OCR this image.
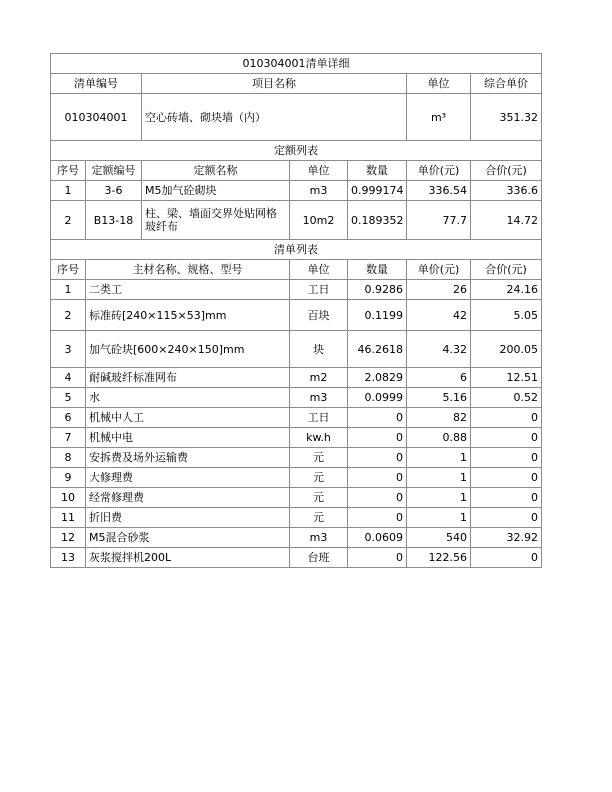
010304001清单详细						
清单编号		项目名称			单位	综合单价
010304001		空心砖墙、砌块墙（内）			m³	351.32
定额列表						
序号	定额编号	定额名称	单位	数量	单价(元)	合价(元)
1	3-6	M5加气砼砌块	m3	0.999174	336.54	336.6
2	B13-18	柱、梁、墙面交界处贴网格玻纤布	10m2	0.189352	77.7	14.72
清单列表						
序号	主材名称、规格、型号		单位	数量	单价(元)	合价(元)
1	二类工		工日	0.9286	26	24.16
2	标准砖[240×115×53]mm		百块	0.1199	42	5.05
3	加气砼块[600×240×150]mm		块	46.2618	4.32	200.05
4	耐碱玻纤标准网布		m2	2.0829	6	12.51
5	水		m3	0.0999	5.16	0.52
6	机械中人工		工日	0	82	0
7	机械中电		kw.h	0	0.88	0
8	安拆费及场外运输费		元	0	1	0
9	大修理费		元	0	1	0
10	经常修理费		元	0	1	0
11	折旧费		元	0	1	0
12	M5混合砂浆		m3	0.0609	540	32.92
13	灰浆搅拌机200L		台班	0	122.56	0
